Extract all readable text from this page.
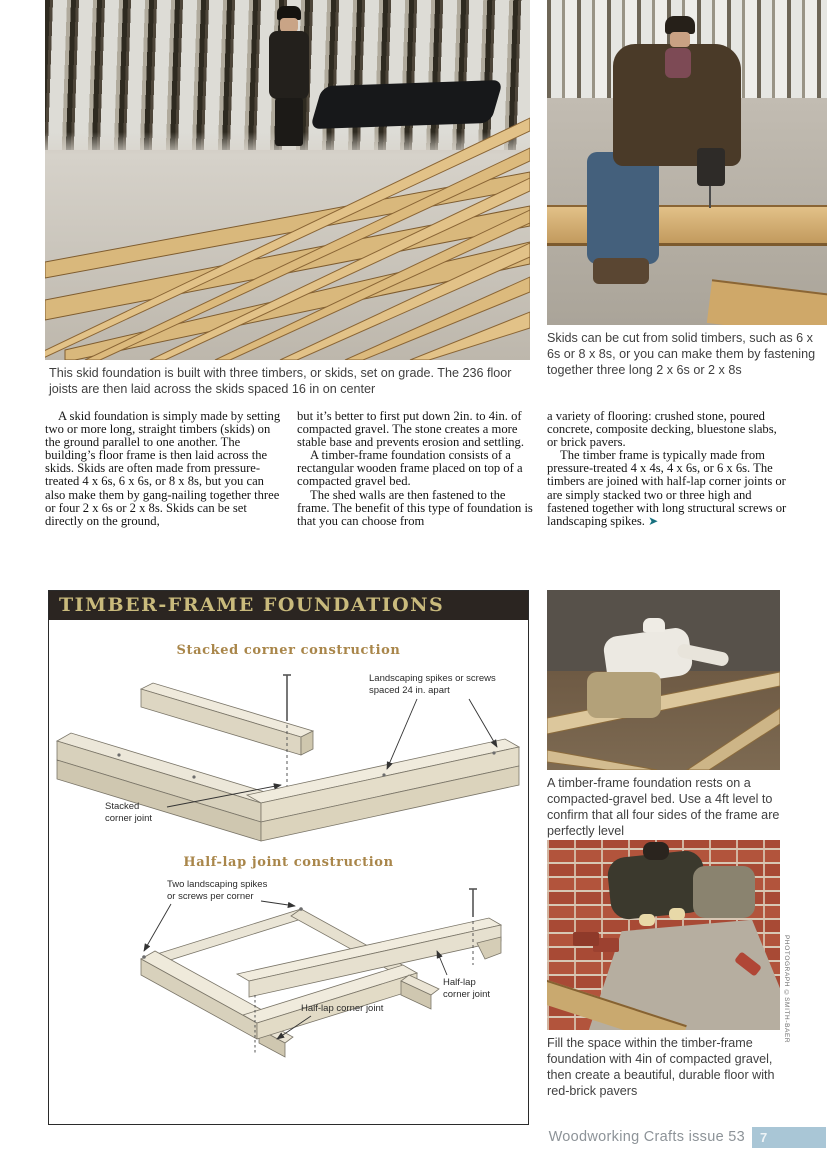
This skid foundation is built with three timbers, or skids, set on grade. The 236 floor joists are then laid across the skids spaced 16 in on center
Skids can be cut from solid timbers, such as 6 x 6s or 8 x 8s, or you can make them by fastening together three long 2 x 6s or 2 x 8s

A skid foundation is simply made by setting two or more long, straight timbers (skids) on the ground parallel to one another. The building’s floor frame is then laid across the skids. Skids are often made from pressure-treated 4 x 6s, 6 x 6s, or 8 x 8s, but you can also make them by gang-nailing together three or four 2 x 6s or 2 x 8s. Skids can be set directly on the ground,

but it’s better to first put down 2in. to 4in. of compacted gravel. The stone creates a more stable base and prevents erosion and settling.

A timber-frame foundation consists of a rectangular wooden frame placed on top of a compacted gravel bed.

The shed walls are then fastened to the frame. The benefit of this type of foundation is that you can choose from

a variety of flooring: crushed stone, poured concrete, composite decking, bluestone slabs, or brick pavers.

The timber frame is typically made from pressure-treated 4 x 4s, 4 x 6s, or 6 x 6s. The timbers are joined with half-lap corner joints or are simply stacked two or three high and fastened together with long structural screws or landscaping spikes. ➤

TIMBER-FRAME FOUNDATIONS
Stacked corner construction
Landscaping spikes or screws
spaced 24 in. apart
Stacked
corner joint
Half-lap joint construction
Two landscaping spikes
or screws per corner
Half-lap
corner joint
Half-lap corner joint
A timber-frame foundation rests on a compacted-gravel bed. Use a 4ft level to confirm that all four sides of the frame are perfectly level
Fill the space within the timber-frame foundation with 4in of compacted gravel, then create a beautiful, durable floor with red-brick pavers
PHOTOGRAPH ©SMITH-BAER
Woodworking Crafts issue 53	7
